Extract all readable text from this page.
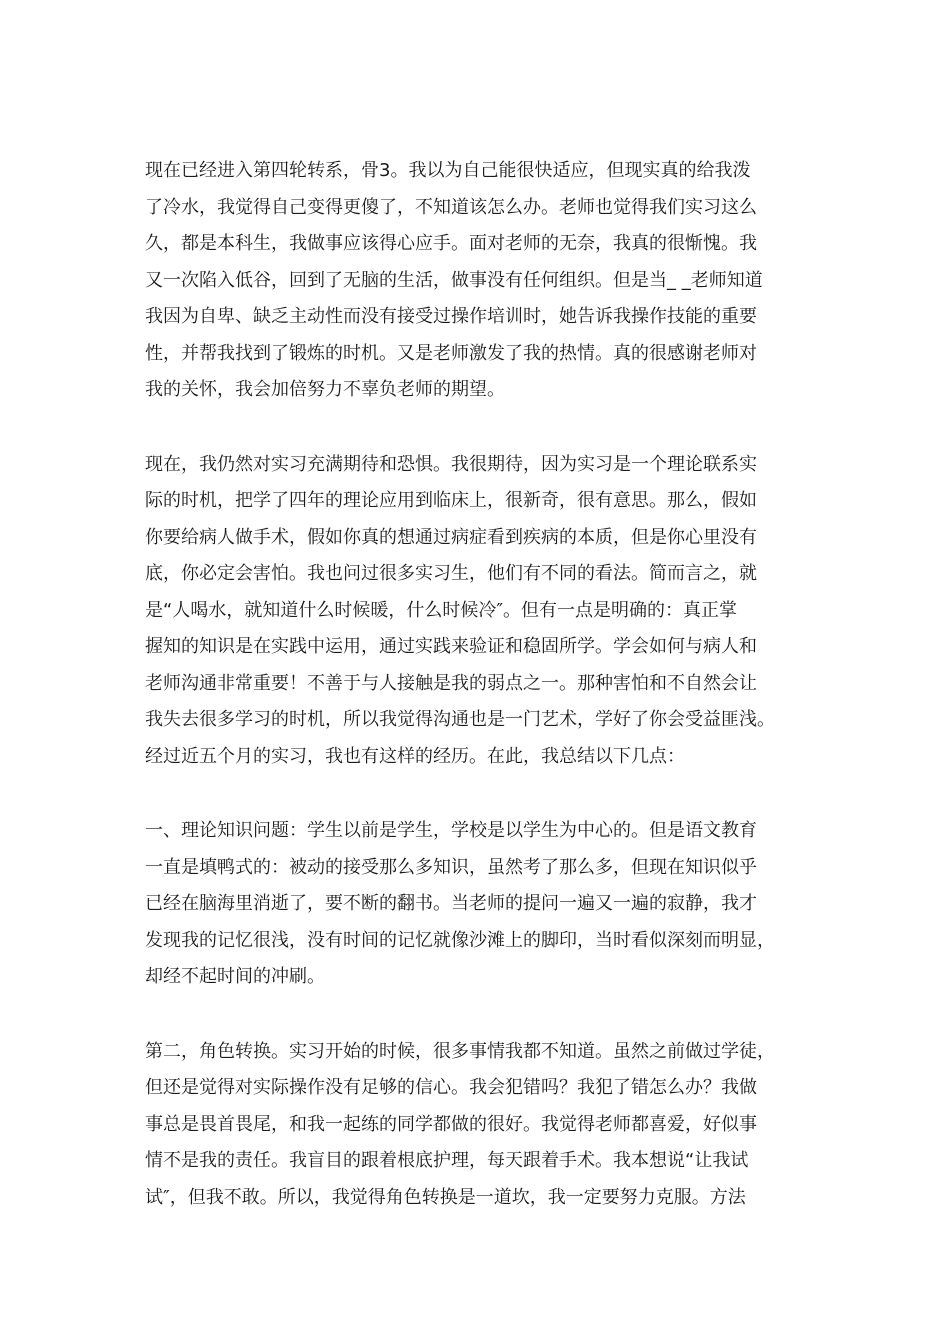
现在已经进入第四轮转系，骨3。我以为自己能很快适应，但现实真的给我泼
了冷水，我觉得自己变得更傻了，不知道该怎么办。老师也觉得我们实习这么
久，都是本科生，我做事应该得心应手。面对老师的无奈，我真的很惭愧。我
又一次陷入低谷，回到了无脑的生活，做事没有任何组织。但是当_ _老师知道
我因为自卑、缺乏主动性而没有接受过操作培训时，她告诉我操作技能的重要
性，并帮我找到了锻炼的时机。又是老师激发了我的热情。真的很感谢老师对
我的关怀，我会加倍努力不辜负老师的期望。
现在，我仍然对实习充满期待和恐惧。我很期待，因为实习是一个理论联系实
际的时机，把学了四年的理论应用到临床上，很新奇，很有意思。那么，假如
你要给病人做手术，假如你真的想通过病症看到疾病的本质，但是你心里没有
底，你必定会害怕。我也问过很多实习生，他们有不同的看法。简而言之，就
是“人喝水，就知道什么时候暖，什么时候冷″。但有一点是明确的：真正掌
握知的知识是在实践中运用，通过实践来验证和稳固所学。学会如何与病人和
老师沟通非常重要！不善于与人接触是我的弱点之一。那种害怕和不自然会让
我失去很多学习的时机，所以我觉得沟通也是一门艺术，学好了你会受益匪浅。
经过近五个月的实习，我也有这样的经历。在此，我总结以下几点：
一、理论知识问题：学生以前是学生，学校是以学生为中心的。但是语文教育
一直是填鸭式的：被动的接受那么多知识，虽然考了那么多，但现在知识似乎
已经在脑海里消逝了，要不断的翻书。当老师的提问一遍又一遍的寂静，我才
发现我的记忆很浅，没有时间的记忆就像沙滩上的脚印，当时看似深刻而明显，
却经不起时间的冲刷。
第二，角色转换。实习开始的时候，很多事情我都不知道。虽然之前做过学徒，
但还是觉得对实际操作没有足够的信心。我会犯错吗？我犯了错怎么办？我做
事总是畏首畏尾，和我一起练的同学都做的很好。我觉得老师都喜爱，好似事
情不是我的责任。我盲目的跟着根底护理，每天跟着手术。我本想说“让我试
试″，但我不敢。所以，我觉得角色转换是一道坎，我一定要努力克服。方法
